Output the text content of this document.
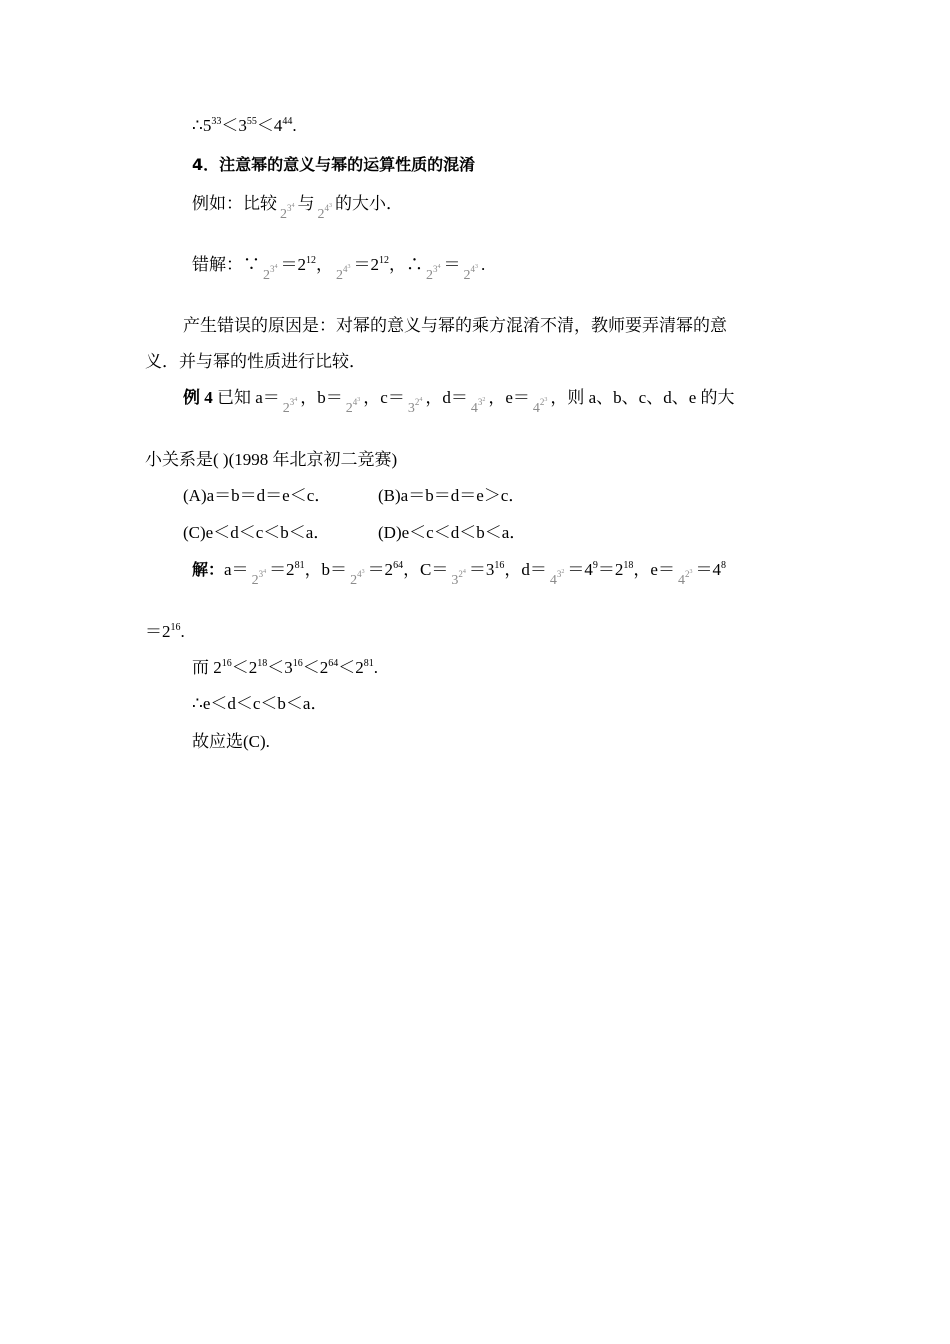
$\therefore 5^{33}<3^{55}<4^{44}$.
4．注意幂的意义与幂的运算性质的混淆
例如：比较$2^{34}$ 与$2^{43}$ 的大小．
错解：$\because 2^{34} =2^{12}$，$2^{43} =2^{12}$，$\therefore 2^{34} =2^{43}$ .
产生错误的原因是：对幂的意义与幂的乘方混淆不清，教师要弄清幂的意
义．并与幂的性质进行比较．
例 4 已知 $a=2^{34}$ ，$b=2^{43}$ ，$c=3^{24}$ ，$d=4^{32}$ ，$e=4^{23}$ ，则 a、b、c、d、e 的大
小关系是( )(1998 年北京初二竞赛)
(A)a＝b＝d＝e＜c．	(B)a＝b＝d＝e＞c．
(C)e＜d＜c＜b＜a．	(D)e＜c＜d＜b＜a．
解：$a=2^{34} =2^{81}$，$b=2^{43} =2^{64}$，$C=3^{24} =3^{16}$，$d=4^{32} =4^9=2^{18}$，$e=4^{23} =4^8$
$=2^{16}$.
而 $2^{16}<2^{18}<3^{16}<2^{64}<2^{81}$.
∴e＜d＜c＜b＜a．
故应选(C).
